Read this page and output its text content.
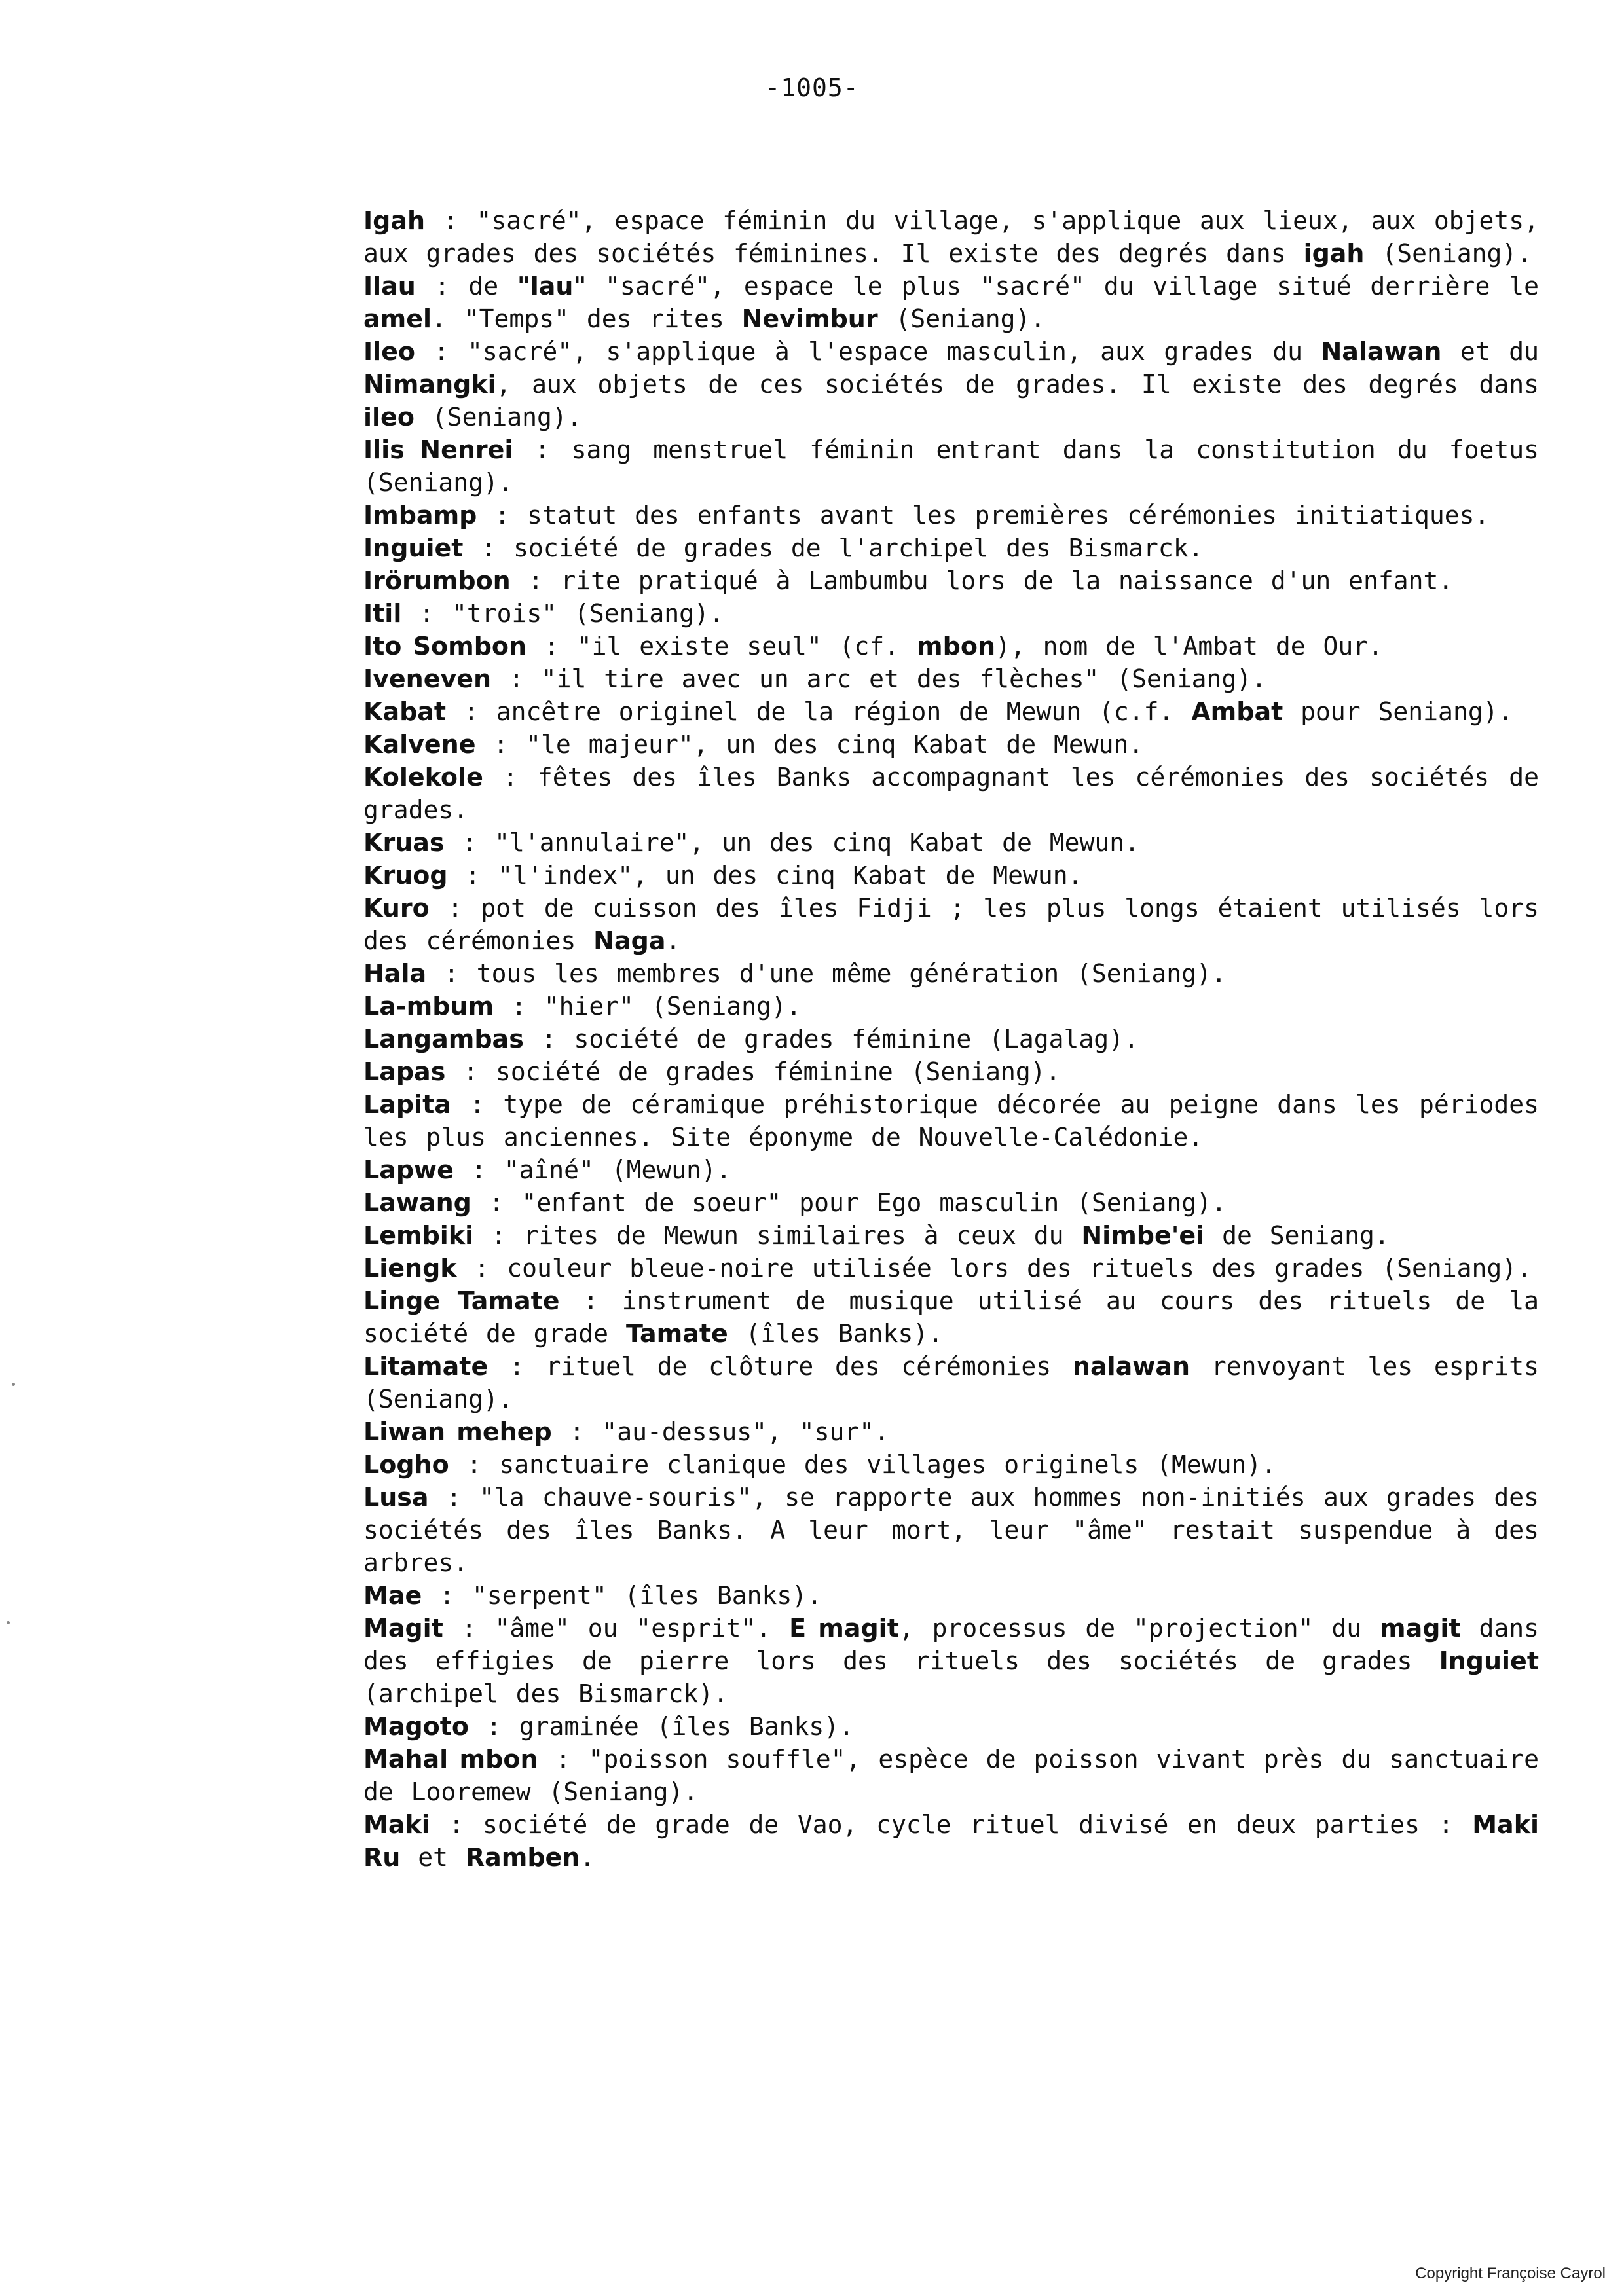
-1005-

Igah : "sacré", espace féminin du village, s'applique aux lieux, aux objets, aux grades des sociétés féminines. Il existe des degrés dans igah (Seniang).

Ilau : de "lau" "sacré", espace le plus "sacré" du village situé derrière le amel. "Temps" des rites Nevimbur (Seniang).

Ileo : "sacré", s'applique à l'espace masculin, aux grades du Nalawan et du Nimangki, aux objets de ces sociétés de grades. Il existe des degrés dans ileo (Seniang).

Ilis Nenrei : sang menstruel féminin entrant dans la constitution du foetus (Seniang).

Imbamp : statut des enfants avant les premières cérémonies initiatiques.

Inguiet : société de grades de l'archipel des Bismarck.

Irörumbon : rite pratiqué à Lambumbu lors de la naissance d'un enfant.

Itil : "trois" (Seniang).

Ito Sombon : "il existe seul" (cf. mbon), nom de l'Ambat de Our.

Iveneven : "il tire avec un arc et des flèches" (Seniang).

Kabat : ancêtre originel de la région de Mewun (c.f. Ambat pour Seniang).

Kalvene : "le majeur", un des cinq Kabat de Mewun.

Kolekole : fêtes des îles Banks accompagnant les cérémonies des sociétés de grades.

Kruas : "l'annulaire", un des cinq Kabat de Mewun.

Kruog : "l'index", un des cinq Kabat de Mewun.

Kuro : pot de cuisson des îles Fidji ; les plus longs étaient utilisés lors des cérémonies Naga.

Hala : tous les membres d'une même génération (Seniang).

La-mbum : "hier" (Seniang).

Langambas : société de grades féminine (Lagalag).

Lapas : société de grades féminine (Seniang).

Lapita : type de céramique préhistorique décorée au peigne dans les périodes les plus anciennes. Site éponyme de Nouvelle-Calédonie.

Lapwe : "aîné" (Mewun).

Lawang : "enfant de soeur" pour Ego masculin (Seniang).

Lembiki : rites de Mewun similaires à ceux du Nimbe'ei de Seniang.

Liengk : couleur bleue-noire utilisée lors des rituels des grades (Seniang).

Linge Tamate : instrument de musique utilisé au cours des rituels de la société de grade Tamate (îles Banks).

Litamate : rituel de clôture des cérémonies nalawan renvoyant les esprits (Seniang).

Liwan mehep : "au-dessus", "sur".

Logho : sanctuaire clanique des villages originels (Mewun).

Lusa : "la chauve-souris", se rapporte aux hommes non-initiés aux grades des sociétés des îles Banks. A leur mort, leur "âme" restait suspendue à des arbres.

Mae : "serpent" (îles Banks).

Magit : "âme" ou "esprit". E magit, processus de "projection" du magit dans des effigies de pierre lors des rituels des sociétés de grades Inguiet (archipel des Bismarck).

Magoto : graminée (îles Banks).

Mahal mbon : "poisson souffle", espèce de poisson vivant près du sanctuaire de Looremew (Seniang).

Maki : société de grade de Vao, cycle rituel divisé en deux parties : Maki Ru et Ramben.

Copyright Françoise Cayrol
